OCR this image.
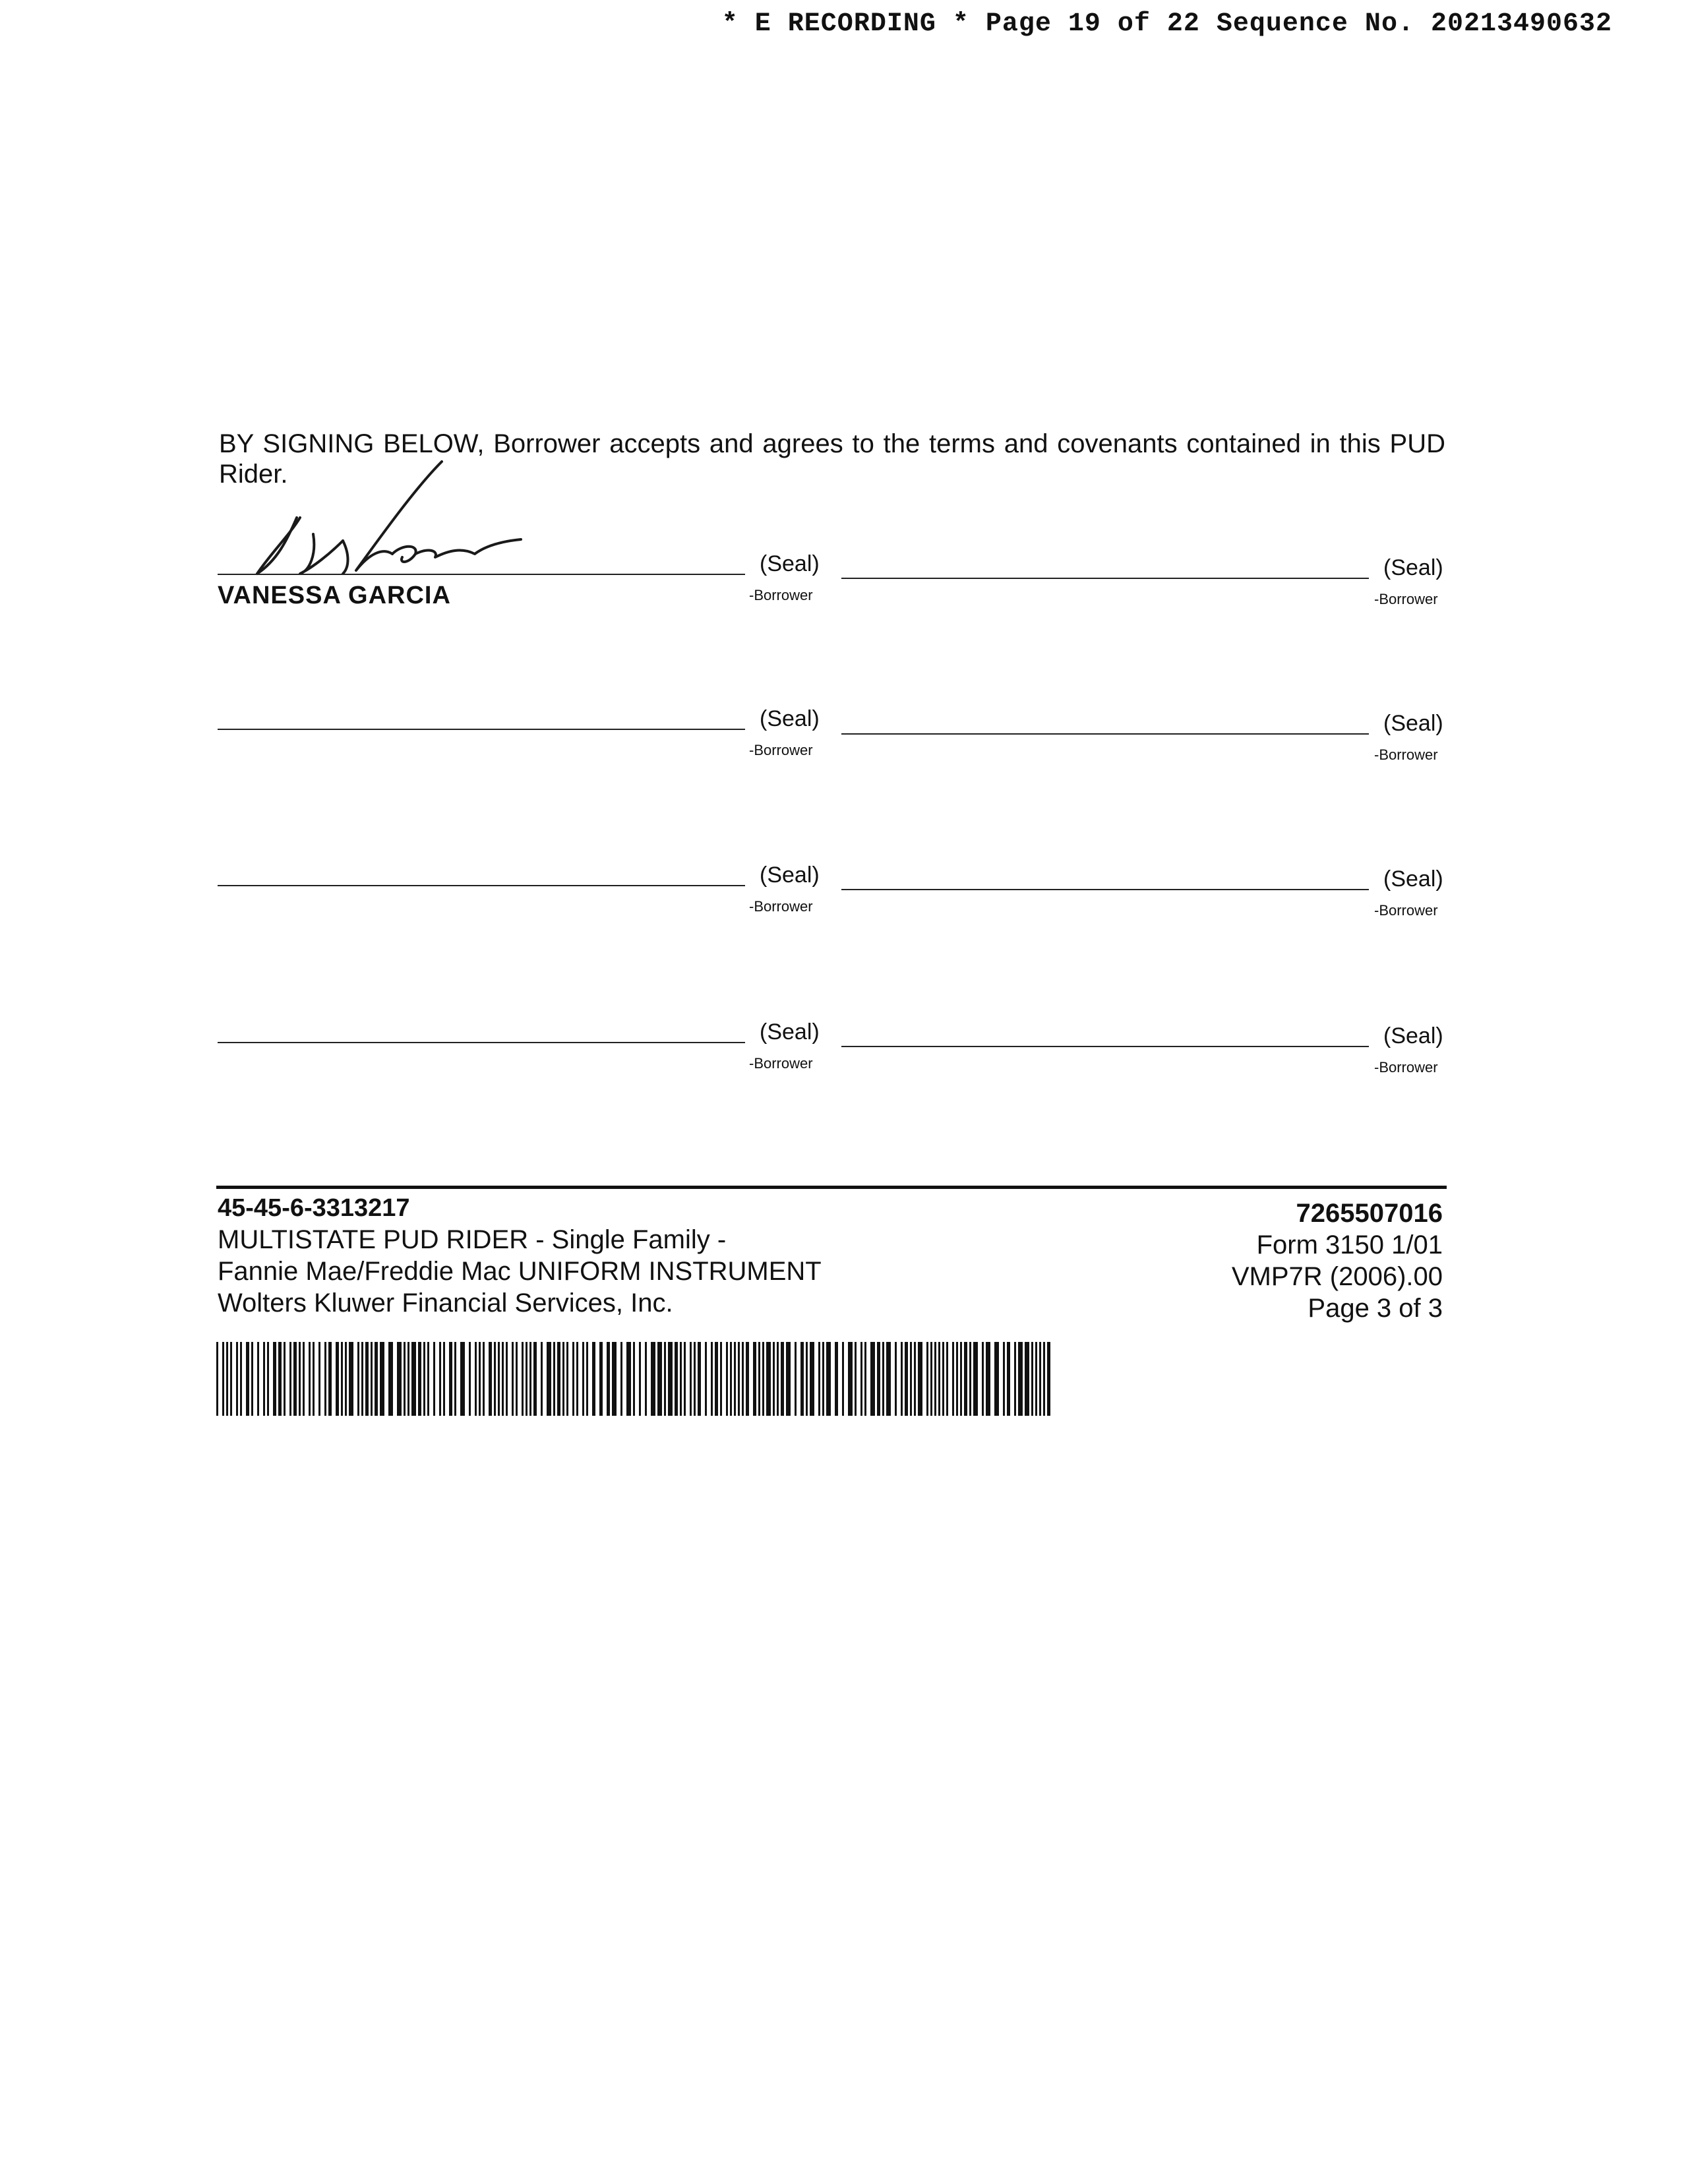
* E RECORDING * Page 19 of 22 Sequence No. 20213490632
BY SIGNING BELOW, Borrower accepts and agrees to the terms and covenants contained in this PUD Rider.
(Seal)
-Borrower
VANESSA GARCIA
(Seal)
-Borrower
(Seal)
-Borrower
(Seal)
-Borrower
(Seal)
-Borrower
(Seal)
-Borrower
(Seal)
-Borrower
(Seal)
-Borrower
45-45-6-3313217
MULTISTATE PUD RIDER - Single Family -
Fannie Mae/Freddie Mac UNIFORM INSTRUMENT
Wolters Kluwer Financial Services, Inc.
7265507016
Form 3150 1/01
VMP7R (2006).00
Page 3 of 3
